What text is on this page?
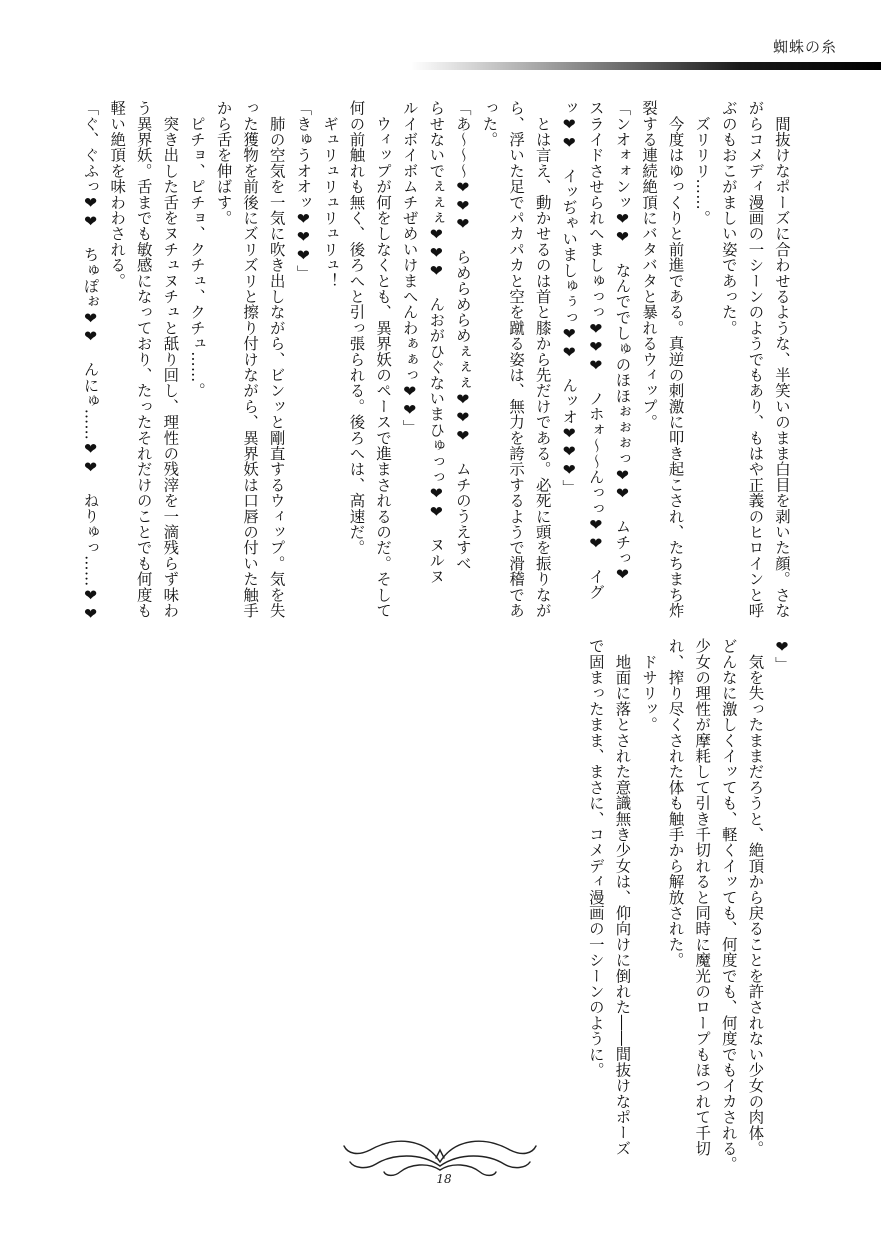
蜘蛛の糸

　間抜けなポーズに合わせるような、半笑いのまま白目を剥いた顔。さな

がらコメディ漫画の一シーンのようでもあり、もはや正義のヒロインと呼

ぶのもおこがましい姿であった。

　ズリリリ……。

　今度はゆっくりと前進である。真逆の刺激に叩き起こされ、たちまち炸

裂する連続絶頂にバタバタと暴れるウィップ。

「ンオォォンッ❤❤　なんででしゅのほほぉぉぉっ❤❤　ムチっ❤

スライドさせられへましゅっっ❤❤❤　ノホォ〜〜んっっ❤❤　イグ

ッ❤❤　イッぢゃいましゅぅっ❤❤　んッオ❤❤❤」

　とは言え、動かせるのは首と膝から先だけである。必死に頭を振りなが

ら、浮いた足でパカパカと空を蹴る姿は、無力を誇示するようで滑稽であ

った。

「あ〜〜〜❤❤❤　らめらめらめぇぇぇ❤❤❤　ムチのうえすべ

らせないでぇぇぇ❤❤❤　んおがひぐないまひゅっっ❤❤　ヌルヌ

ルイボイボムチぜめいけまへんわぁぁっ❤❤」

　ウィップが何をしなくとも、異界妖のペースで進まされるのだ。そして

何の前触れも無く、後ろへと引っ張られる。後ろへは、高速だ。

　ギュリュリュリュリュ！

「きゅうオオッ❤❤❤」

　肺の空気を一気に吹き出しながら、ビンッと剛直するウィップ。気を失

った獲物を前後にズリズリと擦り付けながら、異界妖は口唇の付いた触手

から舌を伸ばす。

　ピチョ、ピチョ、クチュ、クチュ……。

　突き出した舌をヌチュヌチュと舐り回し、理性の残滓を一滴残らず味わ

う異界妖。舌までも敏感になっており、たったそれだけのことでも何度も

軽い絶頂を味わわされる。

「ぐ、ぐふっ❤❤　ちゅぽぉ❤❤　んにゅ……❤❤　ねりゅっ……❤❤

❤」

　気を失ったままだろうと、絶頂から戻ることを許されない少女の肉体。

どんなに激しくイッても、軽くイッても、何度でも、何度でもイカされる。

少女の理性が摩耗して引き千切れると同時に魔光のロープもほつれて千切

れ、搾り尽くされた体も触手から解放された。

　ドサリッ。

　地面に落とされた意識無き少女は、仰向けに倒れた――間抜けなポーズ

で固まったまま、まさに、コメディ漫画の一シーンのように。

18
